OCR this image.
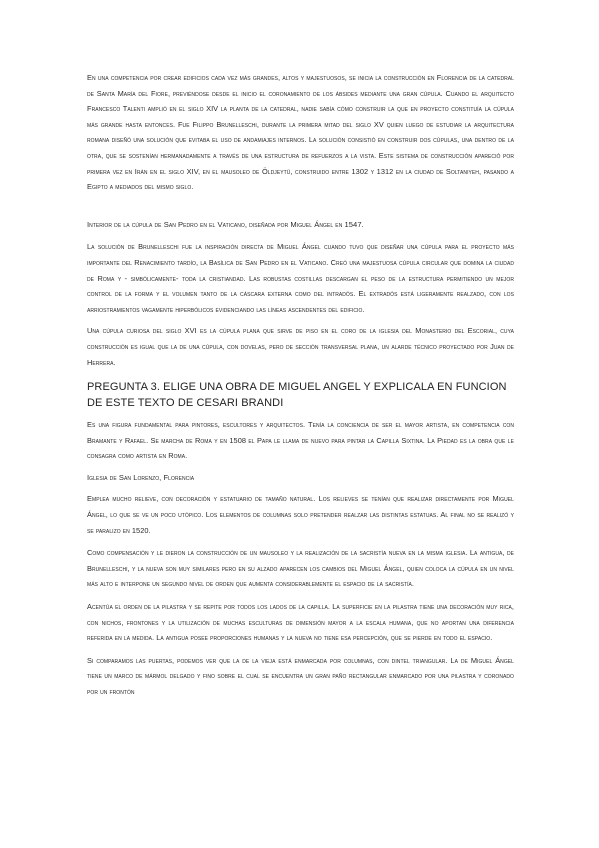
En una competencia por crear edificios cada vez más grandes, altos y majestuosos, se inicia la construcción en Florencia de la catedral de Santa María del Fiore, previéndose desde el inicio el coronamiento de los ábsides mediante una gran cúpula. Cuando el arquitecto Francesco Talenti amplió en el siglo XIV la planta de la catedral, nadie sabía cómo construir la que en proyecto constituía la cúpula más grande hasta entonces. Fue Filippo Brunelleschi, durante la primera mitad del siglo XV quien luego de estudiar la arquitectura romana diseñó una solución que evitaba el uso de andamiajes internos. La solución consistió en construir dos cúpulas, una dentro de la otra, que se sostenían hermanadamente a través de una estructura de refuerzos a la vista. Este sistema de construcción apareció por primera vez en Irán en el siglo XIV, en el mausoleo de Öldjeytü, construido entre 1302 y 1312 en la ciudad de Soltaniyeh, pasando a Egipto a mediados del mismo siglo.

Interior de la cúpula de San Pedro en el Vaticano, diseñada por Miguel Ángel en 1547.

La solución de Brunelleschi fue la inspiración directa de Miguel Ángel cuando tuvo que diseñar una cúpula para el proyecto más importante del Renacimiento tardío, la Basílica de San Pedro en el Vaticano. Creó una majestuosa cúpula circular que domina la ciudad de Roma y - simbólicamente- toda la cristiandad. Las robustas costillas descargan el peso de la estructura permitiendo un mejor control de la forma y el volumen tanto de la cáscara externa como del intradós. El extradós está ligeramente realzado, con los arriostramientos vagamente hiperbólicos evidenciando las líneas ascendentes del edificio.

Una cúpula curiosa del siglo XVI es la cúpula plana que sirve de piso en el coro de la iglesia del Monasterio del Escorial, cuya construcción es igual que la de una cúpula, con dovelas, pero de sección transversal plana, un alarde técnico proyectado por Juan de Herrera.

PREGUNTA 3. ELIGE UNA OBRA DE MIGUEL ANGEL Y EXPLICALA EN FUNCION DE ESTE TEXTO DE CESARI BRANDI

Es una figura fundamental para pintores, escultores y arquitectos. Tenía la conciencia de ser el mayor artista, en competencia con Bramante y Rafael. Se marcha de Roma y en 1508 el Papa le llama de nuevo para pintar la Capilla Sixtina. La Piedad es la obra que le consagra como artista en Roma.

Iglesia de San Lorenzo, Florencia

Emplea mucho relieve, con decoración y estatuario de tamaño natural. Los relieves se tenían que realizar directamente por Miguel Ángel, lo que se ve un poco utópico. Los elementos de columnas solo pretender realzar las distintas estatuas. Al final no se realizó y se paralizo en 1520.

Como compensación y le dieron la construcción de un mausoleo y la realización de la sacristía nueva en la misma iglesia. La antigua, de Brunelleschi, y la nueva son muy similares pero en su alzado aparecen los cambios del Miguel Ángel, quien coloca la cúpula en un nivel más alto e interpone un segundo nivel de orden que aumenta considerablemente el espacio de la sacristía.

Acentúa el orden de la pilastra y se repite por todos los lados de la capilla. La superficie en la pilastra tiene una decoración muy rica, con nichos, frontones y la utilización de muchas esculturas de dimensión mayor a la escala humana, que no aportan una diferencia referida en la medida. La antigua posee proporciones humanas y la nueva no tiene esa percepción, que se pierde en todo el espacio.

Si comparamos las puertas, podemos ver que la de la vieja está enmarcada por columnas, con dintel triangular. La de Miguel Ángel tiene un marco de mármol delgado y fino sobre el cual se encuentra un gran paño rectangular enmarcado por una pilastra y coronado por un frontón
